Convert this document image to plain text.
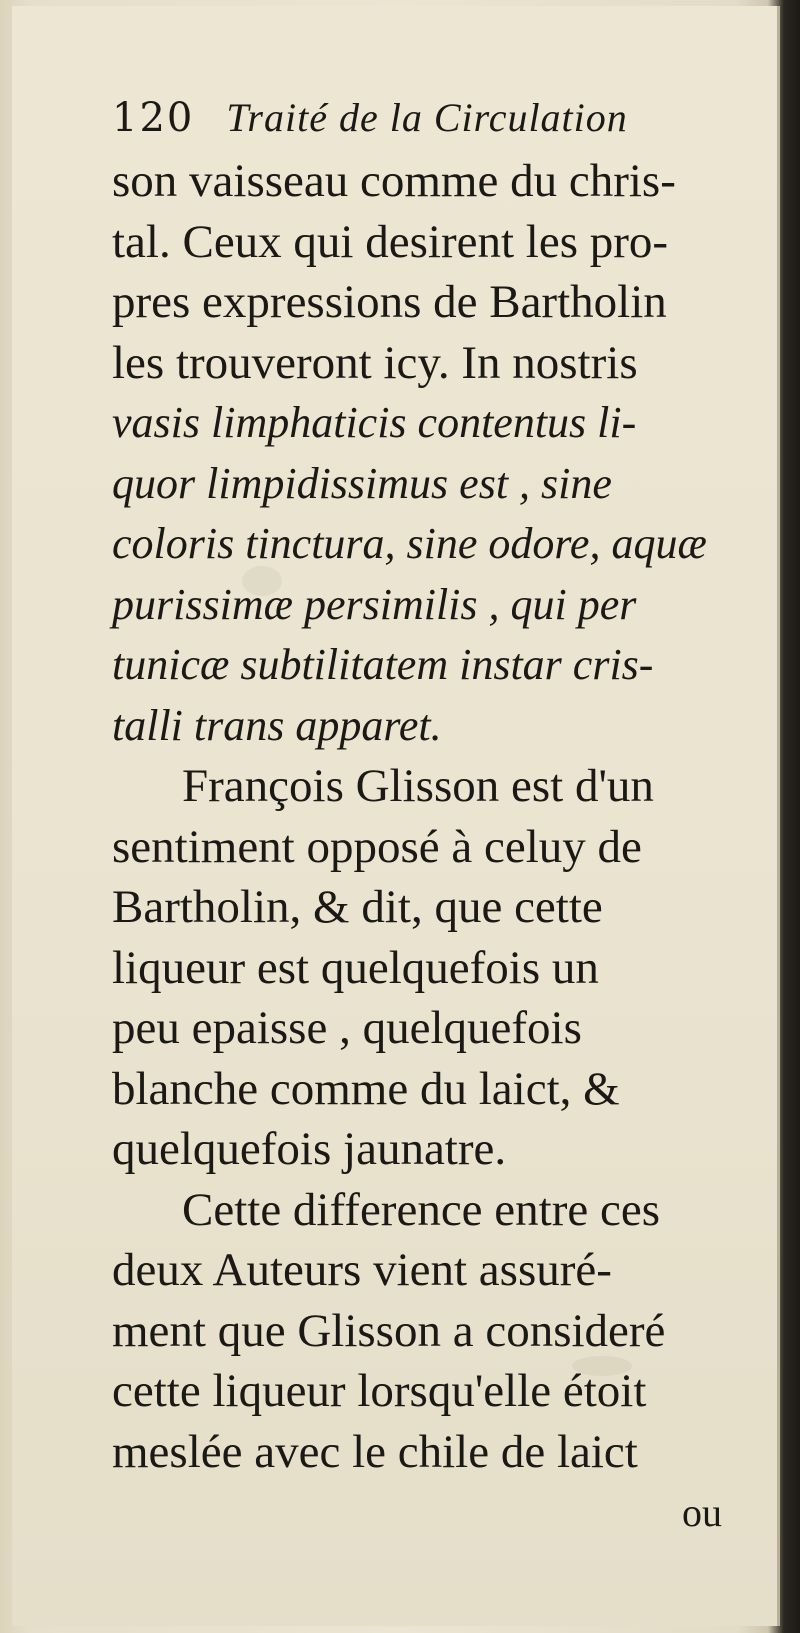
120 Traité de la Circulation
son vaisseau comme du chris-
tal. Ceux qui desirent les pro-
pres expressions de Bartholin
les trouveront icy. In nostris
vasis limphaticis contentus li-
quor limpidissimus est , sine
coloris tinctura, sine odore, aquæ
purissimæ persimilis , qui per
tunicæ subtilitatem instar cris-
talli trans apparet.
François Glisson est d'un
sentiment opposé à celuy de
Bartholin, & dit, que cette
liqueur est quelquefois un
peu epaisse , quelquefois
blanche comme du laict, &
quelquefois jaunatre.
Cette difference entre ces
deux Auteurs vient assuré-
ment que Glisson a consideré
cette liqueur lorsqu'elle étoit
meslée avec le chile de laict
ou
